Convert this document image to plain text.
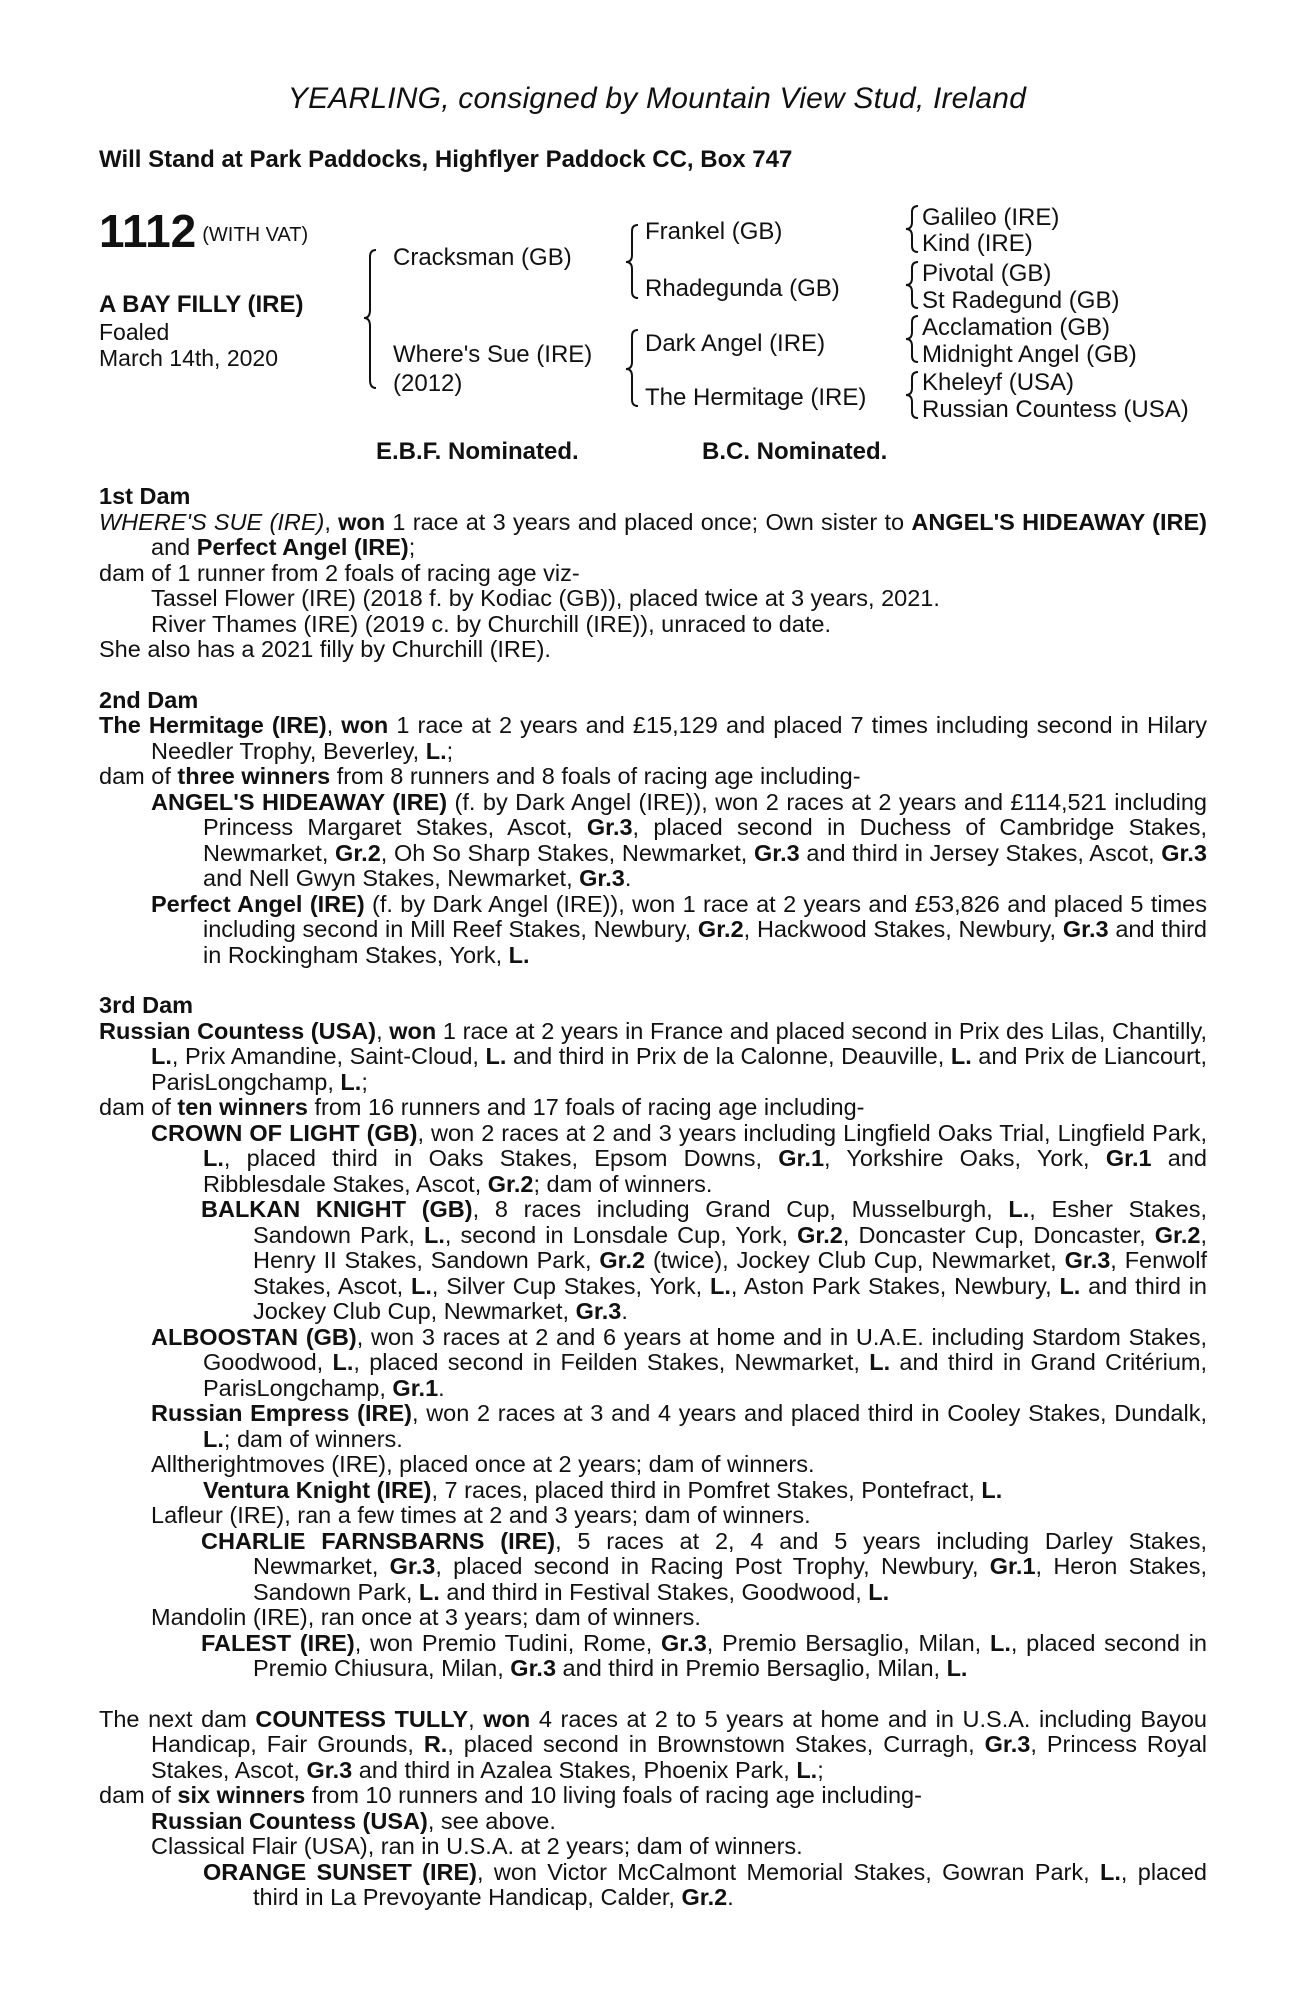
YEARLING, consigned by Mountain View Stud, Ireland
Will Stand at Park Paddocks, Highflyer Paddock CC, Box 747
1112 (WITH VAT)
A BAY FILLY (IRE)
Foaled
March 14th, 2020
Cracksman (GB)
Where's Sue (IRE)
(2012)
Frankel (GB)
Rhadegunda (GB)
Dark Angel (IRE)
The Hermitage (IRE)
Galileo (IRE)
Kind (IRE)
Pivotal (GB)
St Radegund (GB)
Acclamation (GB)
Midnight Angel (GB)
Kheleyf (USA)
Russian Countess (USA)
E.B.F. Nominated.	B.C. Nominated.

1st Dam

WHERE'S SUE (IRE), won 1 race at 3 years and placed once; Own sister to ANGEL'S HIDEAWAY (IRE) and Perfect Angel (IRE);

dam of 1 runner from 2 foals of racing age viz-

Tassel Flower (IRE) (2018 f. by Kodiac (GB)), placed twice at 3 years, 2021.

River Thames (IRE) (2019 c. by Churchill (IRE)), unraced to date.

She also has a 2021 filly by Churchill (IRE).

2nd Dam

The Hermitage (IRE), won 1 race at 2 years and £15,129 and placed 7 times including second in Hilary Needler Trophy, Beverley, L.;

dam of three winners from 8 runners and 8 foals of racing age including-

ANGEL'S HIDEAWAY (IRE) (f. by Dark Angel (IRE)), won 2 races at 2 years and £114,521 including Princess Margaret Stakes, Ascot, Gr.3, placed second in Duchess of Cambridge Stakes, Newmarket, Gr.2, Oh So Sharp Stakes, Newmarket, Gr.3 and third in Jersey Stakes, Ascot, Gr.3 and Nell Gwyn Stakes, Newmarket, Gr.3.

Perfect Angel (IRE) (f. by Dark Angel (IRE)), won 1 race at 2 years and £53,826 and placed 5 times including second in Mill Reef Stakes, Newbury, Gr.2, Hackwood Stakes, Newbury, Gr.3 and third in Rockingham Stakes, York, L.

3rd Dam

Russian Countess (USA), won 1 race at 2 years in France and placed second in Prix des Lilas, Chantilly, L., Prix Amandine, Saint-Cloud, L. and third in Prix de la Calonne, Deauville, L. and Prix de Liancourt, ParisLongchamp, L.;

dam of ten winners from 16 runners and 17 foals of racing age including-

CROWN OF LIGHT (GB), won 2 races at 2 and 3 years including Lingfield Oaks Trial, Lingfield Park, L., placed third in Oaks Stakes, Epsom Downs, Gr.1, Yorkshire Oaks, York, Gr.1 and Ribblesdale Stakes, Ascot, Gr.2; dam of winners.

BALKAN KNIGHT (GB), 8 races including Grand Cup, Musselburgh, L., Esher Stakes, Sandown Park, L., second in Lonsdale Cup, York, Gr.2, Doncaster Cup, Doncaster, Gr.2, Henry II Stakes, Sandown Park, Gr.2 (twice), Jockey Club Cup, Newmarket, Gr.3, Fenwolf Stakes, Ascot, L., Silver Cup Stakes, York, L., Aston Park Stakes, Newbury, L. and third in Jockey Club Cup, Newmarket, Gr.3.

ALBOOSTAN (GB), won 3 races at 2 and 6 years at home and in U.A.E. including Stardom Stakes, Goodwood, L., placed second in Feilden Stakes, Newmarket, L. and third in Grand Critérium, ParisLongchamp, Gr.1.

Russian Empress (IRE), won 2 races at 3 and 4 years and placed third in Cooley Stakes, Dundalk, L.; dam of winners.

Alltherightmoves (IRE), placed once at 2 years; dam of winners.

Ventura Knight (IRE), 7 races, placed third in Pomfret Stakes, Pontefract, L.

Lafleur (IRE), ran a few times at 2 and 3 years; dam of winners.

CHARLIE FARNSBARNS (IRE), 5 races at 2, 4 and 5 years including Darley Stakes, Newmarket, Gr.3, placed second in Racing Post Trophy, Newbury, Gr.1, Heron Stakes, Sandown Park, L. and third in Festival Stakes, Goodwood, L.

Mandolin (IRE), ran once at 3 years; dam of winners.

FALEST (IRE), won Premio Tudini, Rome, Gr.3, Premio Bersaglio, Milan, L., placed second in Premio Chiusura, Milan, Gr.3 and third in Premio Bersaglio, Milan, L.

The next dam COUNTESS TULLY, won 4 races at 2 to 5 years at home and in U.S.A. including Bayou Handicap, Fair Grounds, R., placed second in Brownstown Stakes, Curragh, Gr.3, Princess Royal Stakes, Ascot, Gr.3 and third in Azalea Stakes, Phoenix Park, L.;

dam of six winners from 10 runners and 10 living foals of racing age including-

Russian Countess (USA), see above.

Classical Flair (USA), ran in U.S.A. at 2 years; dam of winners.

ORANGE SUNSET (IRE), won Victor McCalmont Memorial Stakes, Gowran Park, L., placed third in La Prevoyante Handicap, Calder, Gr.2.
